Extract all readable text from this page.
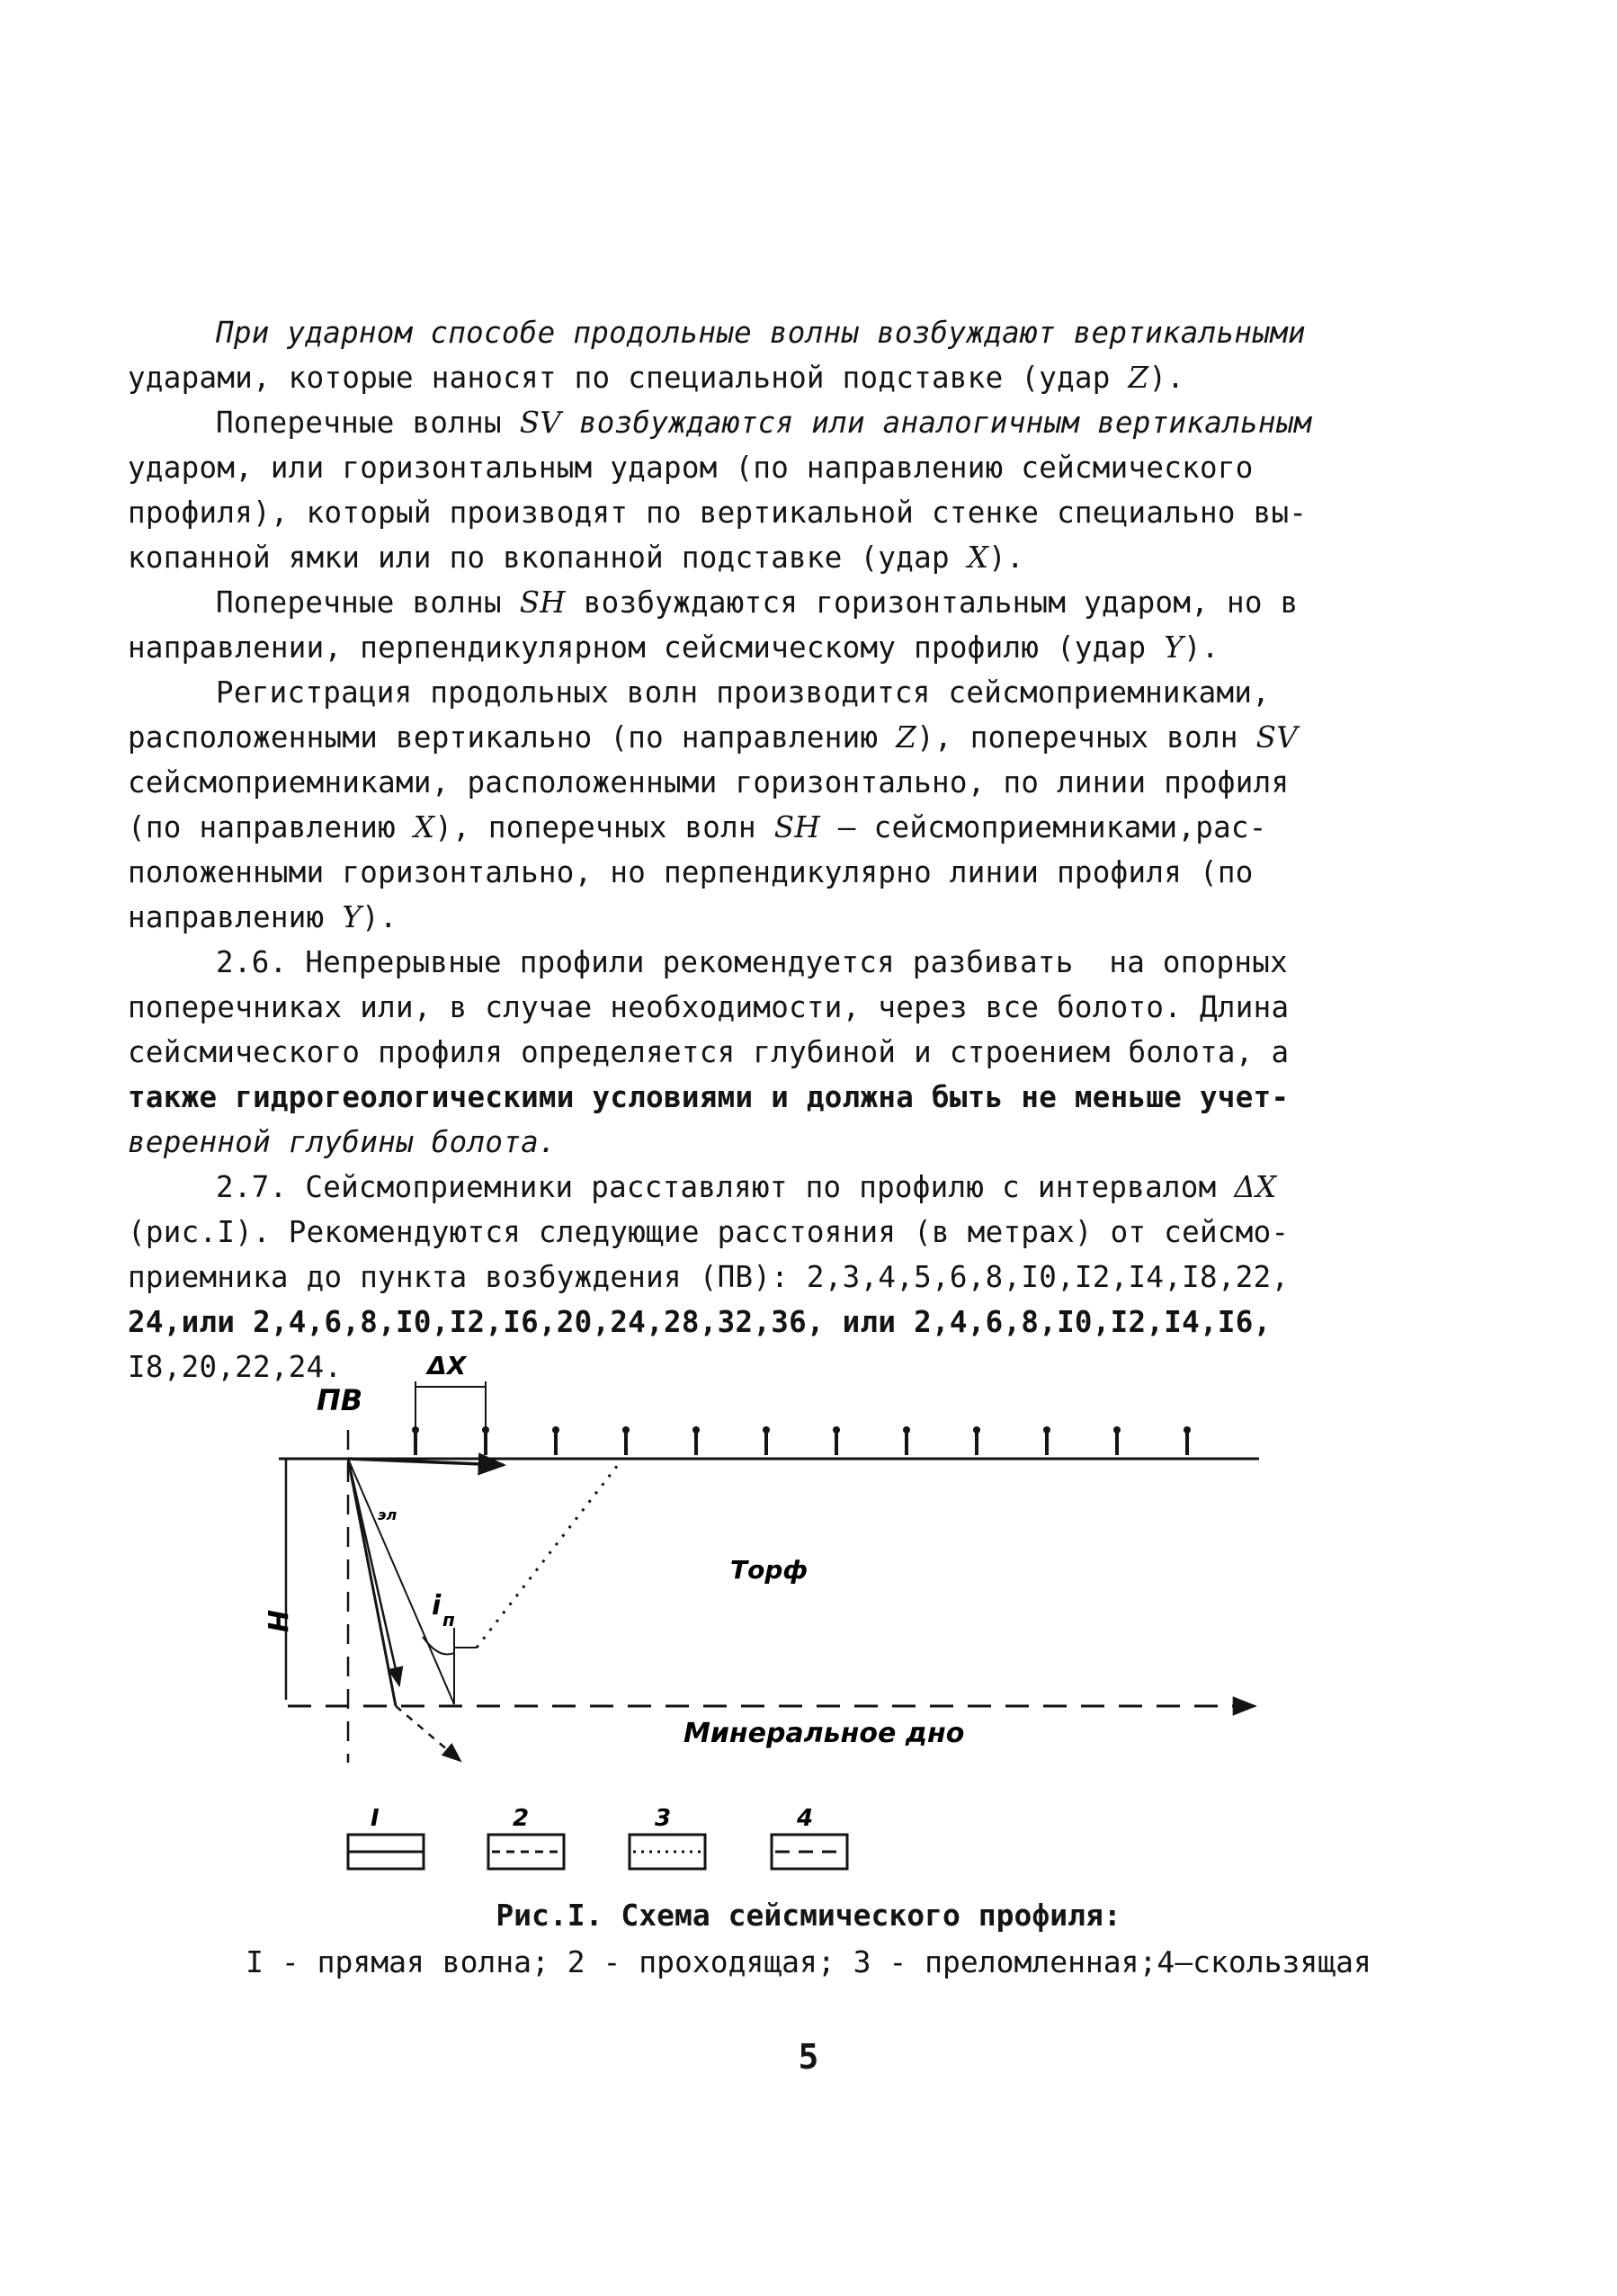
При ударном способе продольные волны возбуждают вертикальными
ударами, которые наносят по специальной подставке (удар Z).
Поперечные волны SV возбуждаются или аналогичным вертикальным
ударом, или горизонтальным ударом (по направлению сейсмического
профиля), который производят по вертикальной стенке специально вы-
копанной ямки или по вкопанной подставке (удар X).
Поперечные волны SH возбуждаются горизонтальным ударом, но в
направлении, перпендикулярном сейсмическому профилю (удар Y).
Регистрация продольных волн производится сейсмоприемниками,
расположенными вертикально (по направлению Z), поперечных волн SV
сейсмоприемниками, расположенными горизонтально, по линии профиля
(по направлению X), поперечных волн SH — сейсмоприемниками,рас-
положенными горизонтально, но перпендикулярно линии профиля (по
направлению Y).
2.6. Непрерывные профили рекомендуется разбивать  на опорных
поперечниках или, в случае необходимости, через все болото. Длина
сейсмического профиля определяется глубиной и строением болота, а
также гидрогеологическими условиями и должна быть не меньше учет-
веренной глубины болота.
2.7. Сейсмоприемники расставляют по профилю с интервалом ΔX
(рис.I). Рекомендуются следующие расстояния (в метрах) от сейсмо-
приемника до пункта возбуждения (ПВ): 2,3,4,5,6,8,I0,I2,I4,I8,22,
24,или 2,4,6,8,I0,I2,I6,20,24,28,32,36, или 2,4,6,8,I0,I2,I4,I6,
I8,20,22,24.
H
ПВ
ΔX
i п
эл
Торф
Минеральное дно
I	2	3	4
Рис.I. Схема сейсмического профиля:
I - прямая волна; 2 - проходящая; 3 - преломленная;4—скользящая
5
